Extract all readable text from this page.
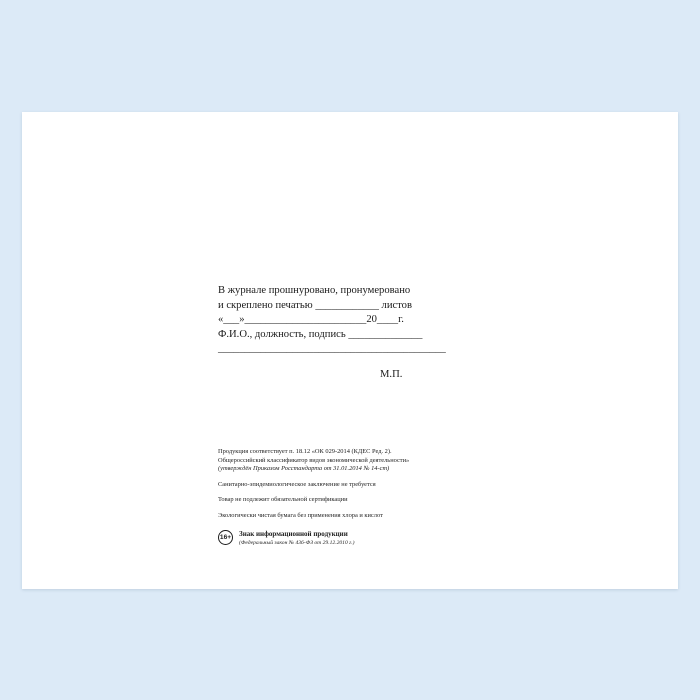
В журнале прошнуровано, пронумеровано
и скреплено печатью ____________ листов
«___»_______________________20____г.
Ф.И.О., должность, подпись ______________
___________________________________________
М.П.
Продукция соответствует п. 18.12 «ОК 029-2014 (КДЕС Ред. 2).
Общероссийский классификатор видов экономической деятельности»
(утверждён Приказом Росстандарта от 31.01.2014 № 14-ст)
Санитарно-эпидемиологическое заключение не требуется
Товар не подлежит обязательной сертификации
Экологически чистая бумага без применения хлора и кислот
16+ Знак информационной продукции
(Федеральный закон № 436-ФЗ от 29.12.2010 г.)
